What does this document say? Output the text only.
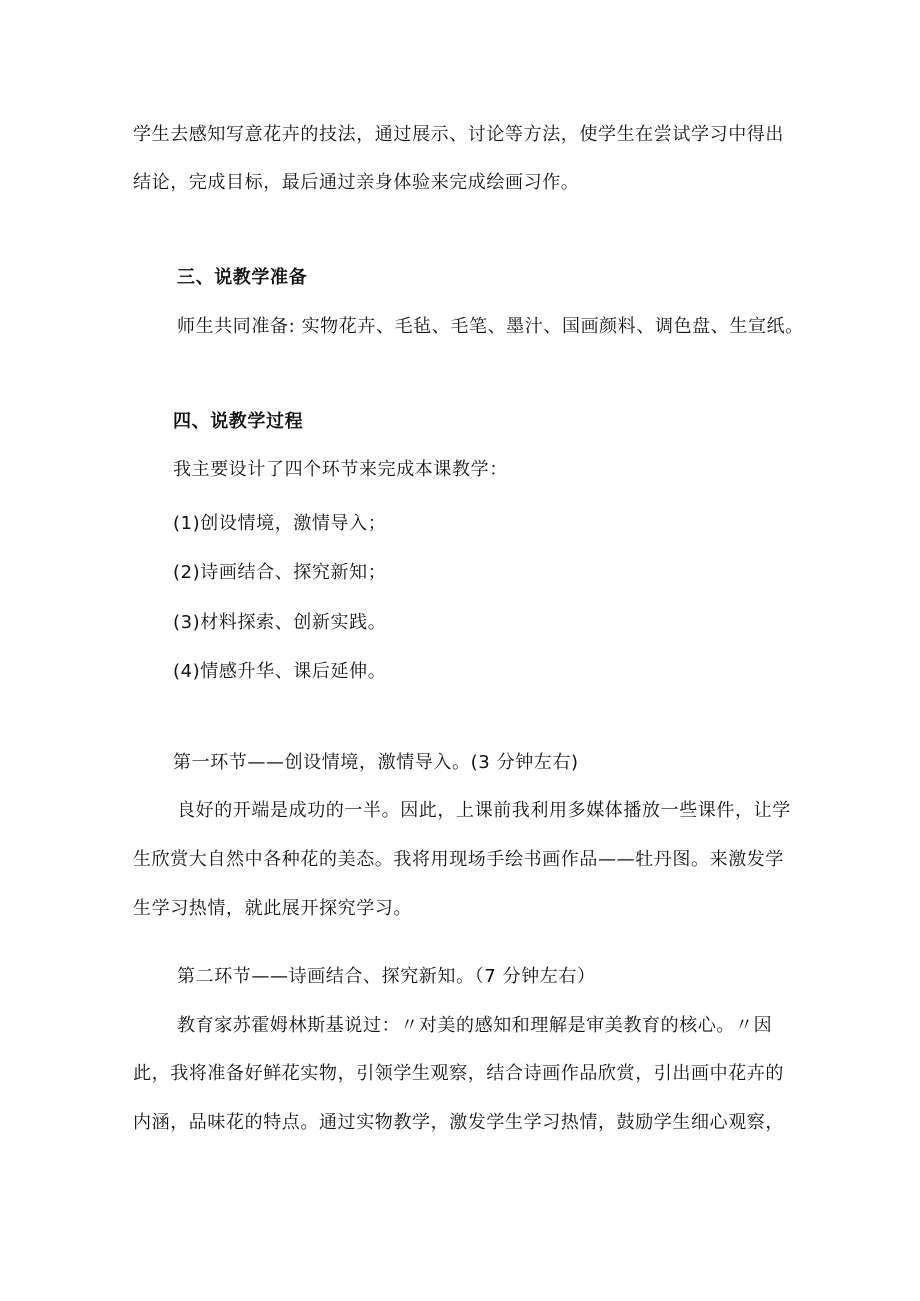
学生去感知写意花卉的技法，通过展示、讨论等方法，使学生在尝试学习中得出
结论，完成目标，最后通过亲身体验来完成绘画习作。
三、说教学准备
师生共同准备: 实物花卉、毛毡、毛笔、墨汁、国画颜料、调色盘、生宣纸。
四、说教学过程
我主要设计了四个环节来完成本课教学：
(1)创设情境，激情导入；
(2)诗画结合、探究新知；
(3)材料探索、创新实践。
(4)情感升华、课后延伸。
第一环节——创设情境，激情导入。(3 分钟左右)
良好的开端是成功的一半。因此，上课前我利用多媒体播放一些课件，让学
生欣赏大自然中各种花的美态。我将用现场手绘书画作品——牡丹图。来激发学
生学习热情，就此展开探究学习。
第二环节——诗画结合、探究新知。（7 分钟左右）
教育家苏霍姆林斯基说过：〃对美的感知和理解是审美教育的核心。〃因
此，我将准备好鲜花实物，引领学生观察，结合诗画作品欣赏，引出画中花卉的
内涵，品味花的特点。通过实物教学，激发学生学习热情，鼓励学生细心观察，
